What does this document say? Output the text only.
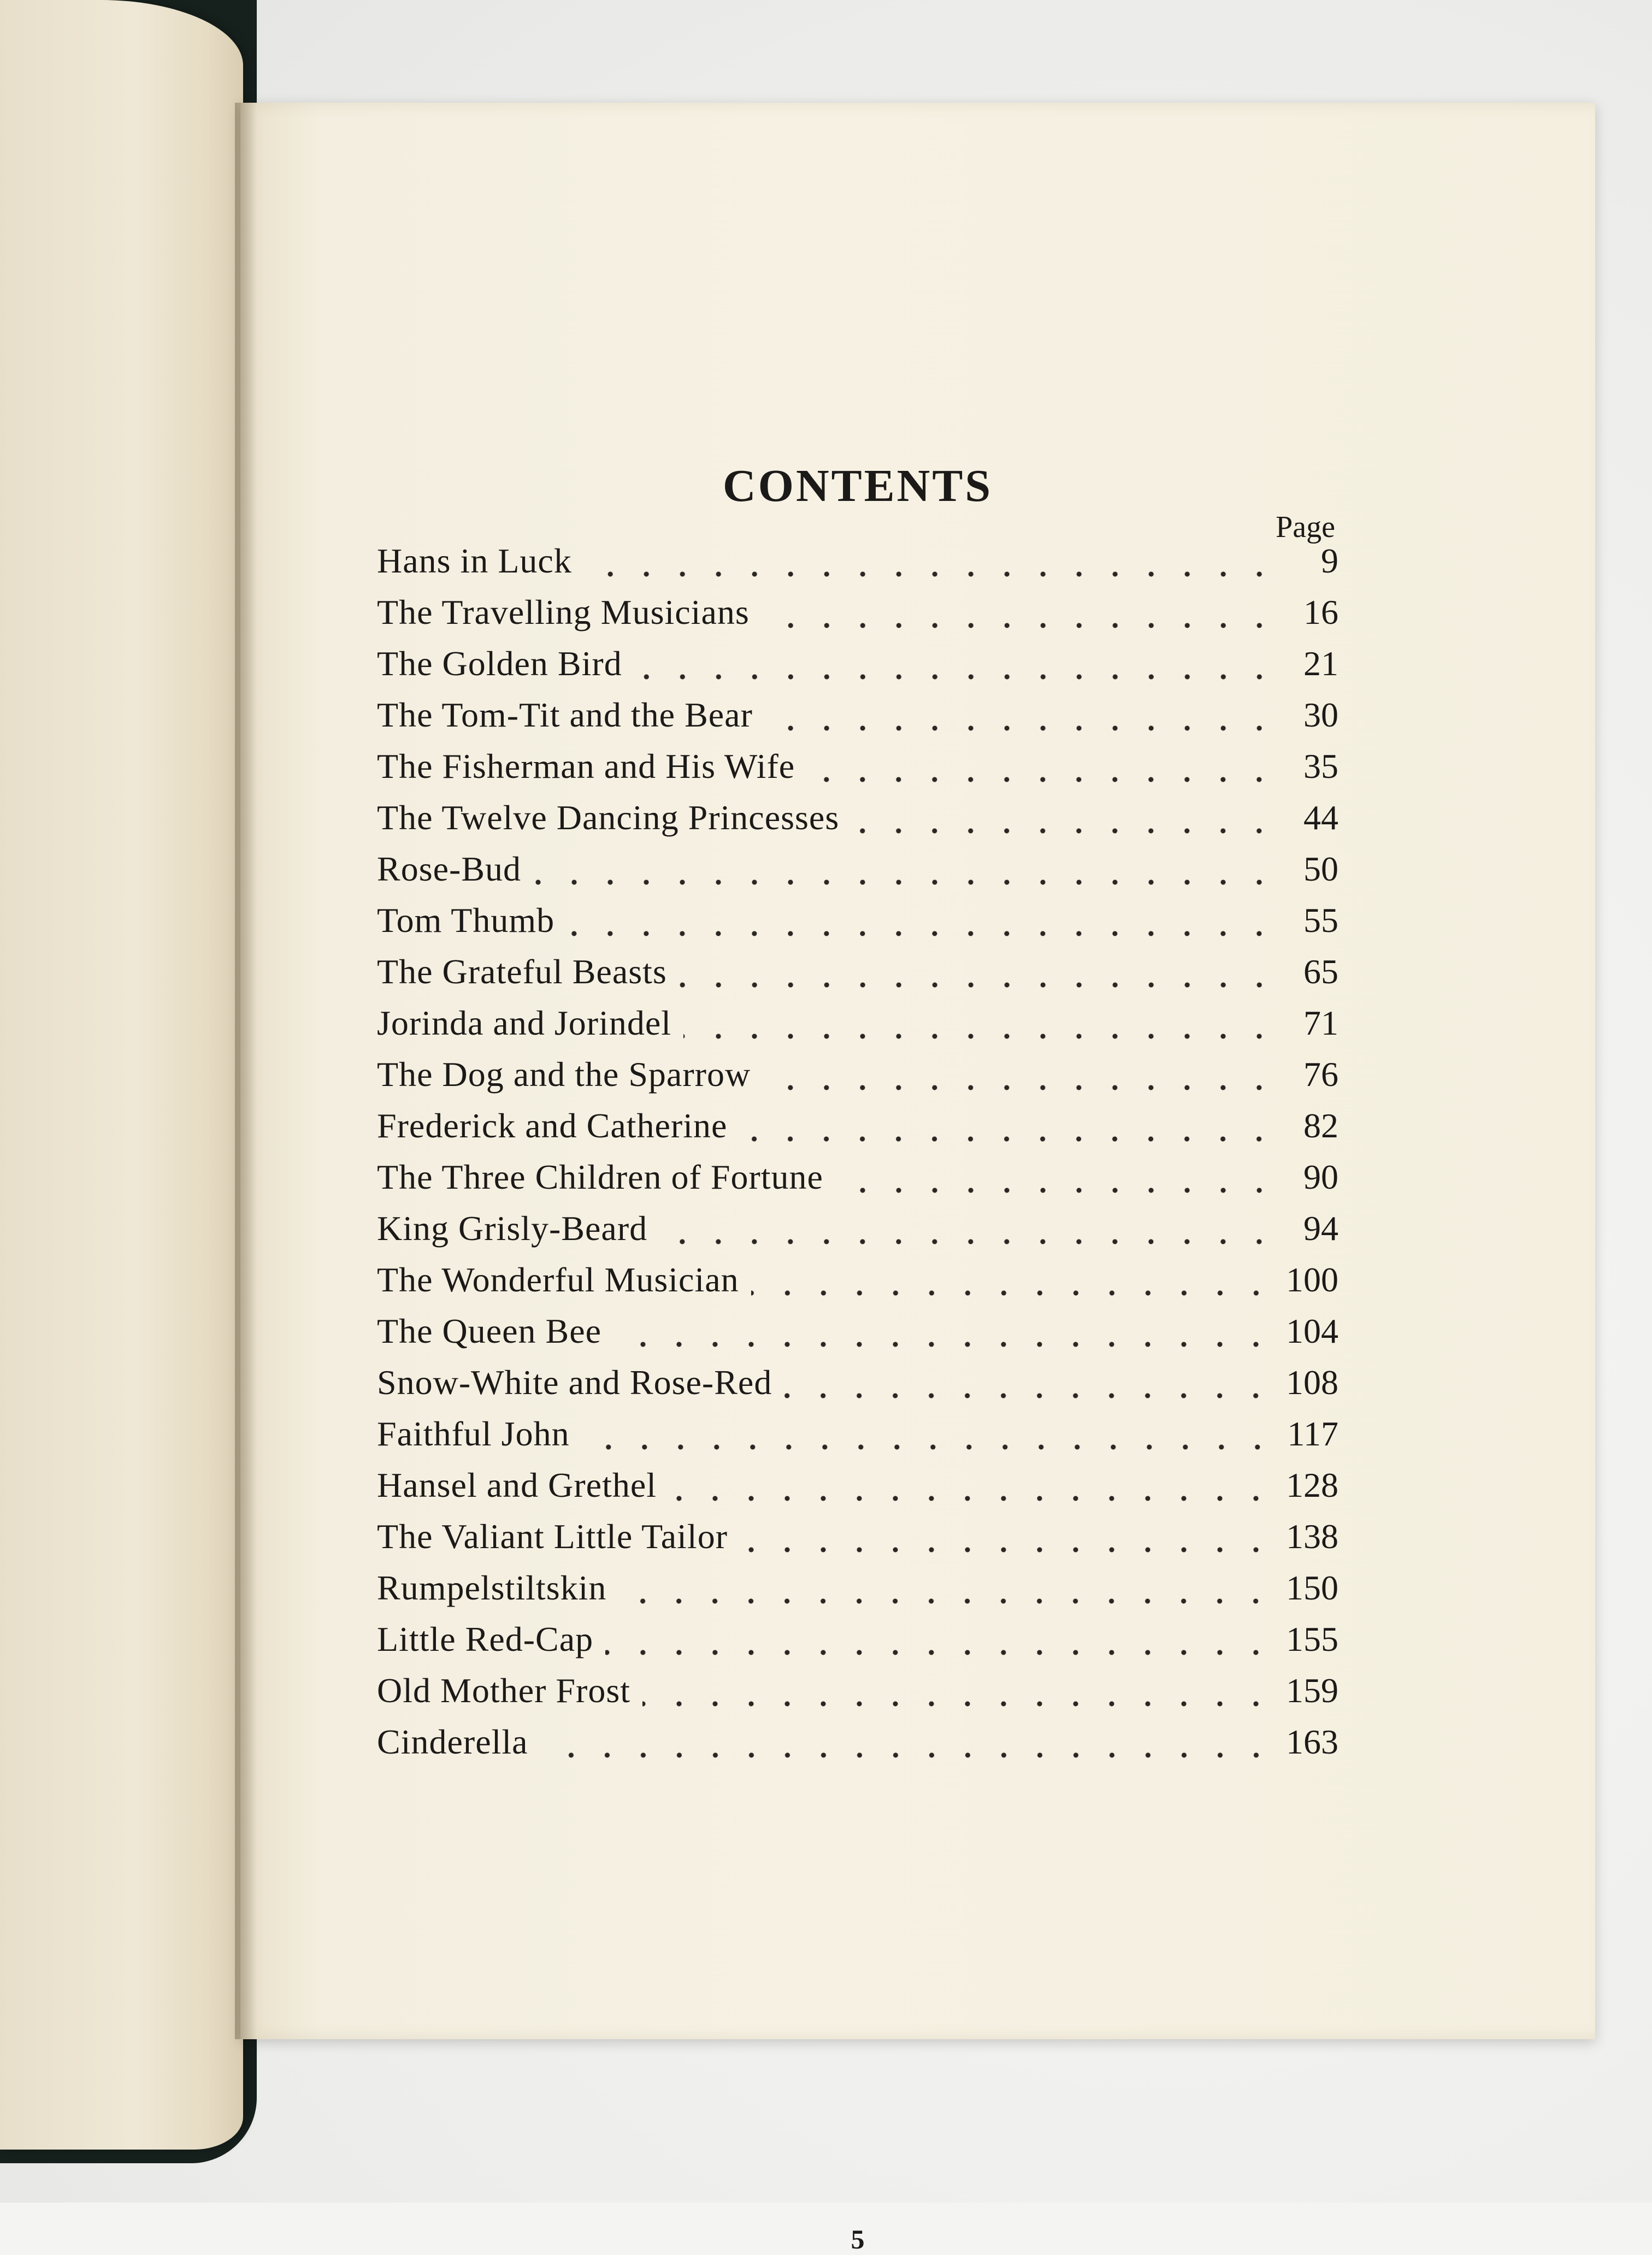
CONTENTS
Page
Hans in Luck	9
The Travelling Musicians	16
The Golden Bird	21
The Tom-Tit and the Bear	30
The Fisherman and His Wife	35
The Twelve Dancing Princesses	44
Rose-Bud	50
Tom Thumb	55
The Grateful Beasts	65
Jorinda and Jorindel	71
The Dog and the Sparrow	76
Frederick and Catherine	82
The Three Children of Fortune	90
King Grisly-Beard	94
The Wonderful Musician	100
The Queen Bee	104
Snow-White and Rose-Red	108
Faithful John	117
Hansel and Grethel	128
The Valiant Little Tailor	138
Rumpelstiltskin	150
Little Red-Cap	155
Old Mother Frost	159
Cinderella	163
5
